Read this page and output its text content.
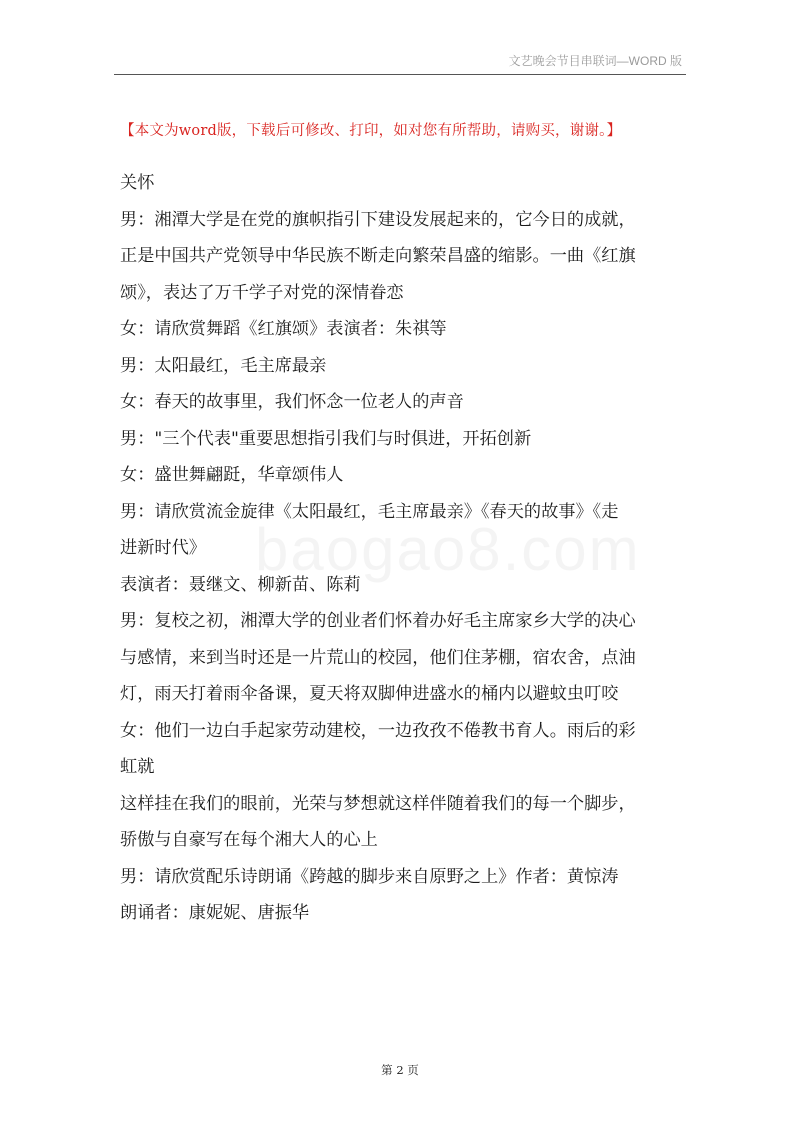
文艺晚会节目串联词—WORD 版
【本文为word版，下载后可修改、打印，如对您有所帮助，请购买，谢谢。】
关怀
男：湘潭大学是在党的旗帜指引下建设发展起来的，它今日的成就，
正是中国共产党领导中华民族不断走向繁荣昌盛的缩影。一曲《红旗
颂》，表达了万千学子对党的深情眷恋
女：请欣赏舞蹈《红旗颂》表演者：朱祺等
男：太阳最红，毛主席最亲
女：春天的故事里，我们怀念一位老人的声音
男："三个代表"重要思想指引我们与时俱进，开拓创新
女：盛世舞翩跹，华章颂伟人
男：请欣赏流金旋律《太阳最红，毛主席最亲》《春天的故事》《走
进新时代》
表演者：聂继文、柳新苗、陈莉
男：复校之初，湘潭大学的创业者们怀着办好毛主席家乡大学的决心
与感情，来到当时还是一片荒山的校园，他们住茅棚，宿农舍，点油
灯，雨天打着雨伞备课，夏天将双脚伸进盛水的桶内以避蚊虫叮咬
女：他们一边白手起家劳动建校，一边孜孜不倦教书育人。雨后的彩
虹就
这样挂在我们的眼前，光荣与梦想就这样伴随着我们的每一个脚步，
骄傲与自豪写在每个湘大人的心上
男：请欣赏配乐诗朗诵《跨越的脚步来自原野之上》作者：黄惊涛
朗诵者：康妮妮、唐振华
第 2 页
